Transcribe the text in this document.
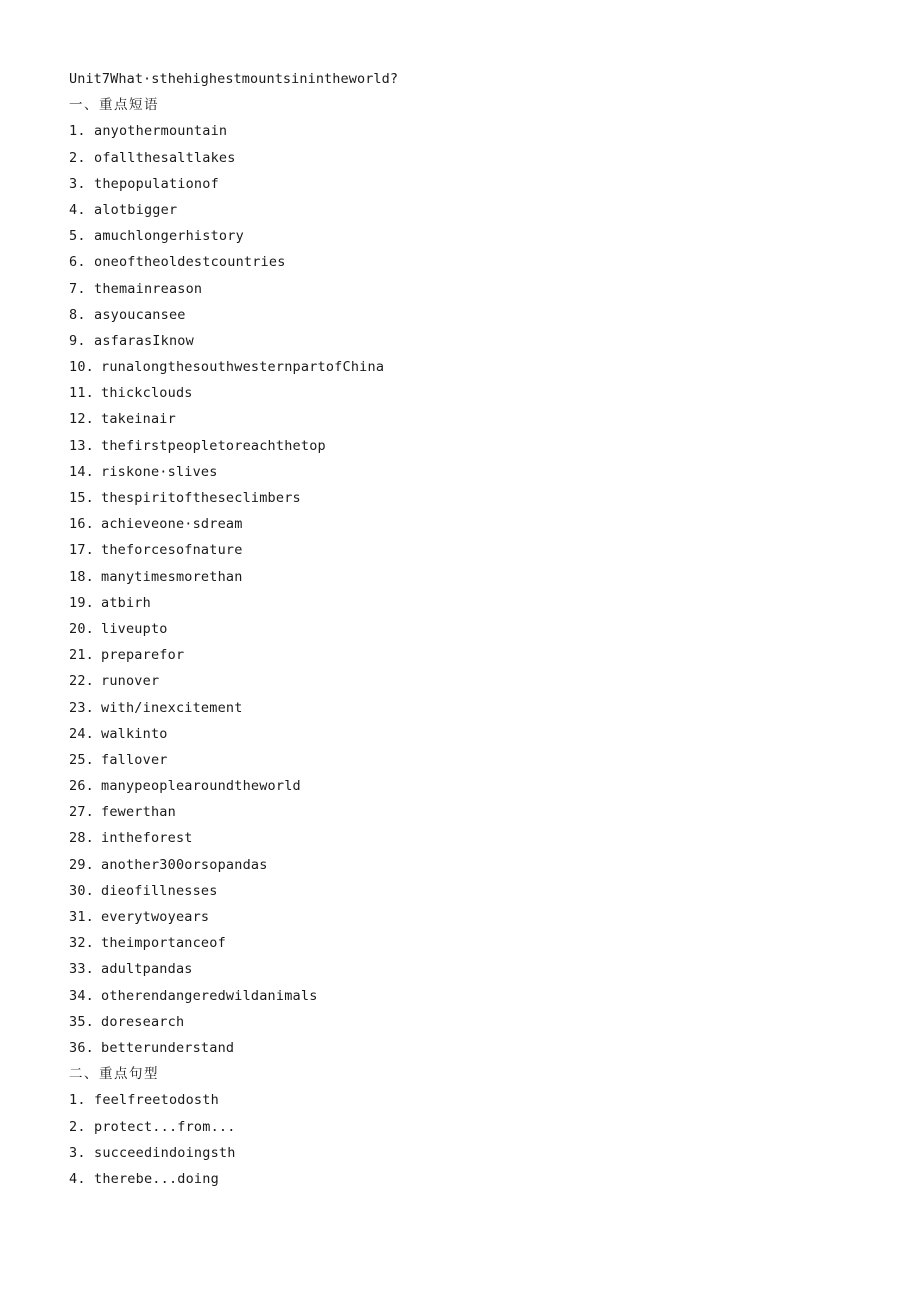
Unit7What·sthehighestmountsinintheworld?
一、重点短语
1. anyothermountain
2. ofallthesaltlakes
3. thepopulationof
4. alotbigger
5. amuchlongerhistory
6. oneoftheoldestcountries
7. themainreason
8. asyoucansee
9. asfarasIknow
10. runalongthesouthwesternpartofChina
11. thickclouds
12. takeinair
13. thefirstpeopletoreachthetop
14. riskone·slives
15. thespiritoftheseclimbers
16. achieveone·sdream
17. theforcesofnature
18. manytimesmorethan
19. atbirh
20. liveupto
21. preparefor
22. runover
23. with/inexcitement
24. walkinto
25. fallover
26. manypeoplearoundtheworld
27. fewerthan
28. intheforest
29. another300orsopandas
30. dieofillnesses
31. everytwoyears
32. theimportanceof
33. adultpandas
34. otherendangeredwildanimals
35. doresearch
36. betterunderstand
二、重点句型
1. feelfreetodosth
2. protect...from...
3. succeedindoingsth
4. therebe...doing
